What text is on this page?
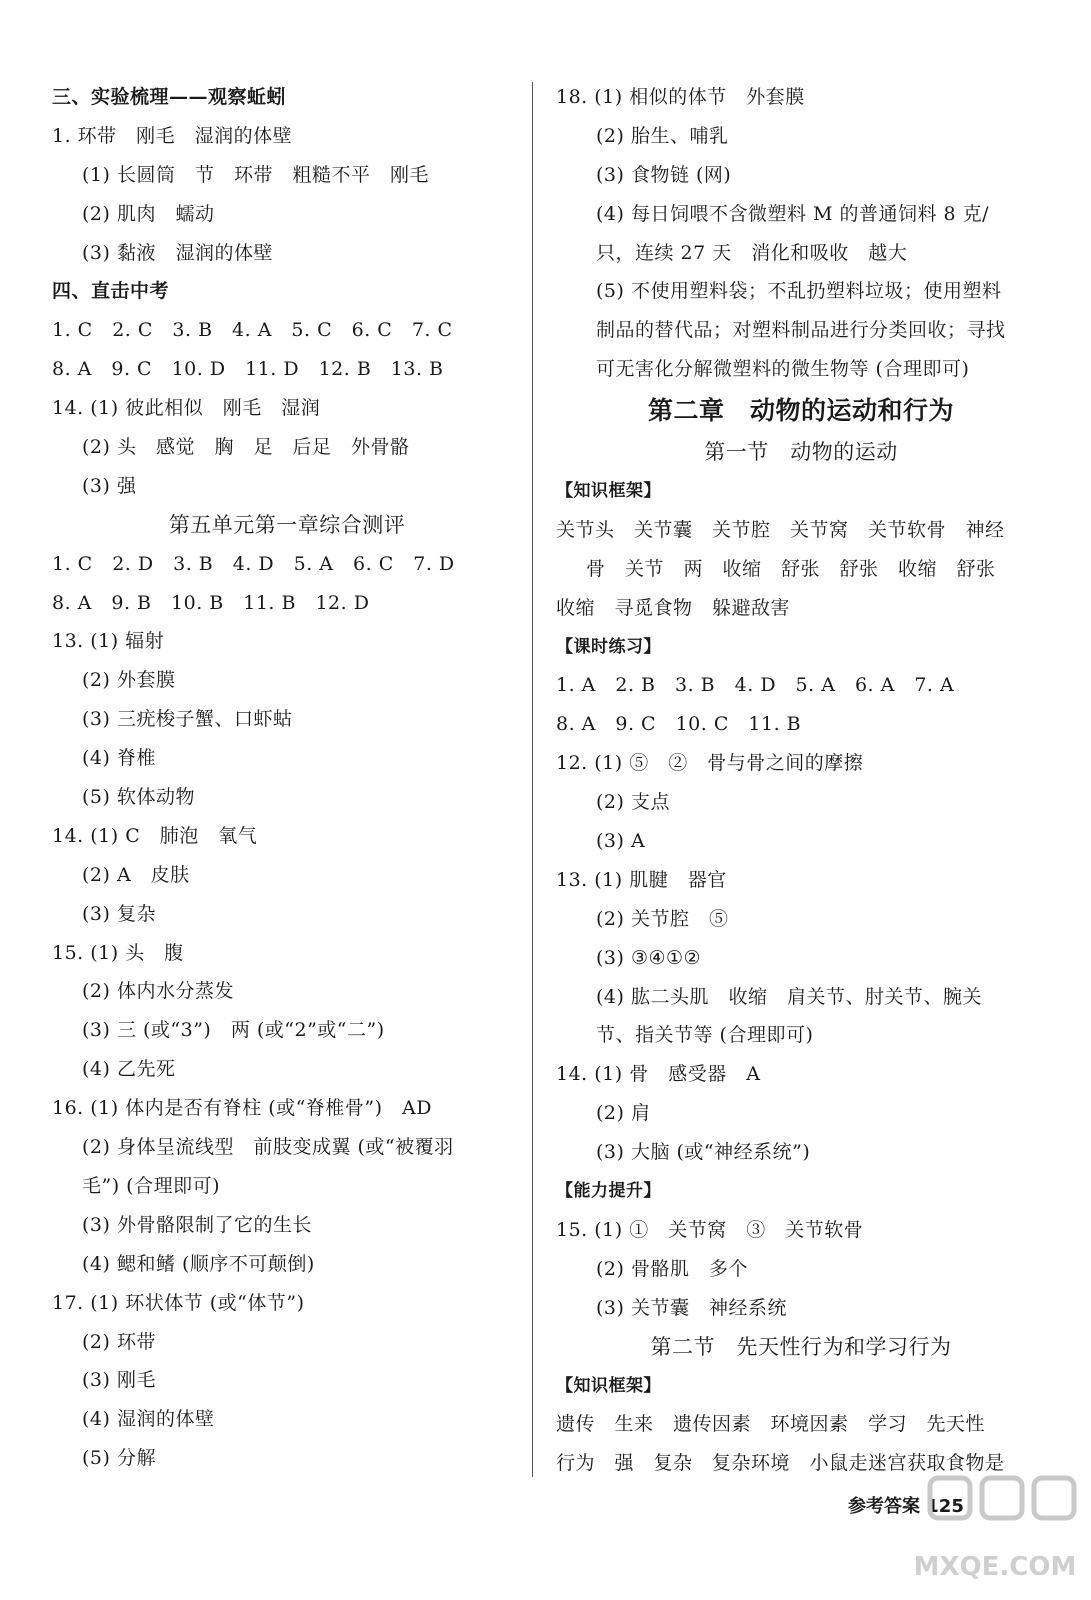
三、实验梳理——观察蚯蚓
1. 环带　刚毛　湿润的体壁
(1) 长圆筒　节　环带　粗糙不平　刚毛
(2) 肌肉　蠕动
(3) 黏液　湿润的体壁
四、直击中考
1. C　2. C　3. B　4. A　5. C　6. C　7. C
8. A　9. C　10. D　11. D　12. B　13. B
14. (1) 彼此相似　刚毛　湿润
(2) 头　感觉　胸　足　后足　外骨骼
(3) 强
第五单元第一章综合测评
1. C　2. D　3. B　4. D　5. A　6. C　7. D
8. A　9. B　10. B　11. B　12. D
13. (1) 辐射
(2) 外套膜
(3) 三疣梭子蟹、口虾蛄
(4) 脊椎
(5) 软体动物
14. (1) C　肺泡　氧气
(2) A　皮肤
(3) 复杂
15. (1) 头　腹
(2) 体内水分蒸发
(3) 三 (或“3”)　两 (或“2”或“二”)
(4) 乙先死
16. (1) 体内是否有脊柱 (或“脊椎骨”)　AD
(2) 身体呈流线型　前肢变成翼 (或“被覆羽
毛”) (合理即可)
(3) 外骨骼限制了它的生长
(4) 鳃和鳍 (顺序不可颠倒)
17. (1) 环状体节 (或“体节”)
(2) 环带
(3) 刚毛
(4) 湿润的体壁
(5) 分解
18. (1) 相似的体节　外套膜
(2) 胎生、哺乳
(3) 食物链 (网)
(4) 每日饲喂不含微塑料 M 的普通饲料 8 克/
只，连续 27 天　消化和吸收　越大
(5) 不使用塑料袋；不乱扔塑料垃圾；使用塑料
制品的替代品；对塑料制品进行分类回收；寻找
可无害化分解微塑料的微生物等 (合理即可)
第二章　动物的运动和行为
第一节　动物的运动
【知识框架】
关节头　关节囊　关节腔　关节窝　关节软骨　神经
骨　关节　两　收缩　舒张　舒张　收缩　舒张
收缩　寻觅食物　躲避敌害
【课时练习】
1. A　2. B　3. B　4. D　5. A　6. A　7. A
8. A　9. C　10. C　11. B
12. (1) ⑤　②　骨与骨之间的摩擦
(2) 支点
(3) A
13. (1) 肌腱　器官
(2) 关节腔　⑤
(3) ③④①②
(4) 肱二头肌　收缩　肩关节、肘关节、腕关
节、指关节等 (合理即可)
14. (1) 骨　感受器　A
(2) 肩
(3) 大脑 (或“神经系统”)
【能力提升】
15. (1) ①　关节窝　③　关节软骨
(2) 骨骼肌　多个
(3) 关节囊　神经系统
第二节　先天性行为和学习行为
【知识框架】
遗传　生来　遗传因素　环境因素　学习　先天性
行为　强　复杂　复杂环境　小鼠走迷宫获取食物是
参考答案 125
MXQE.COM
